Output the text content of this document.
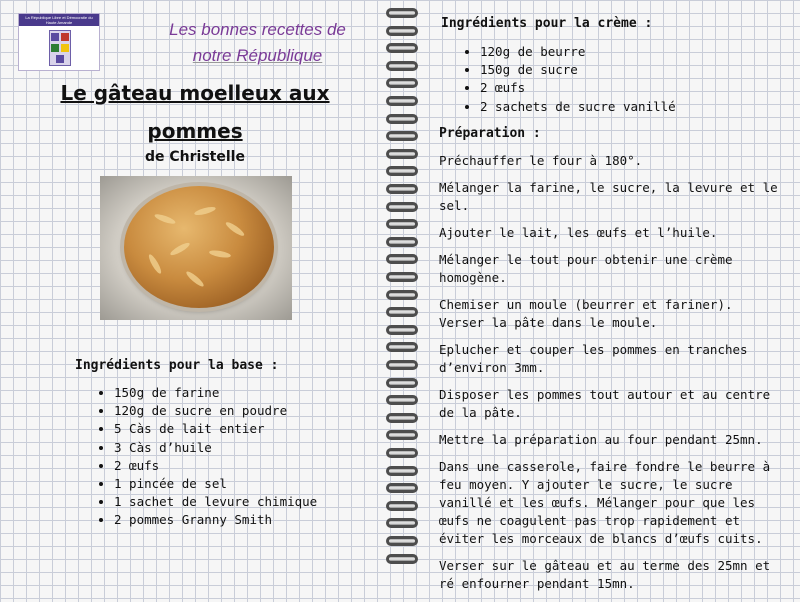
La République Libre et Démocratie du Haute Amande	Les bonnes recettes de
notre République
Le gâteau moelleux aux
pommes
de Christelle
Ingrédients pour la base :
• 150g de farine
• 120g de sucre en poudre
• 5 Càs de lait entier
• 3 Càs d’huile
• 2 œufs
• 1 pincée de sel
• 1 sachet de levure chimique
• 2 pommes Granny Smith
Ingrédients pour la crème :
• 120g de beurre
• 150g de sucre
• 2 œufs
• 2 sachets de sucre vanillé
Préparation :

Préchauffer le four à 180°.

Mélanger la farine, le sucre, la levure et le sel.

Ajouter le lait, les œufs et l’huile.

Mélanger le tout pour obtenir une crème homogène.

Chemiser un moule (beurrer et fariner). Verser la pâte dans le moule.

Eplucher et couper les pommes en tranches d’environ 3mm.

Disposer les pommes tout autour et au centre de la pâte.

Mettre la préparation au four pendant 25mn.

Dans une casserole, faire fondre le beurre à feu moyen. Y ajouter le sucre, le sucre vanillé et les œufs. Mélanger pour que les œufs ne coagulent pas trop rapidement et éviter les morceaux de blancs d’œufs cuits.

Verser sur le gâteau et au terme des 25mn et ré enfourner pendant 15mn.
